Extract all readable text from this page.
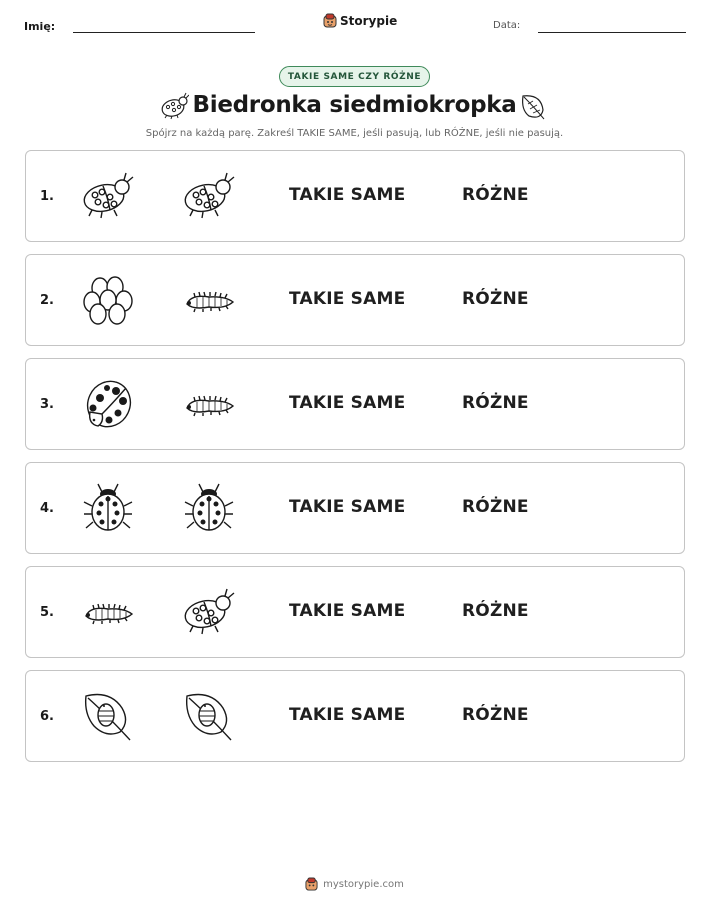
Imię:	Storypie	Data:
TAKIE SAME CZY RÓŻNE
Biedronka siedmiokropka
Spójrz na każdą parę. Zakreśl TAKIE SAME, jeśli pasują, lub RÓŻNE, jeśli nie pasują.
1.	TAKIE SAME	RÓŻNE
2.	TAKIE SAME	RÓŻNE
3.	TAKIE SAME	RÓŻNE
4.	TAKIE SAME	RÓŻNE
5.	TAKIE SAME	RÓŻNE
6.	TAKIE SAME	RÓŻNE
mystorypie.com
